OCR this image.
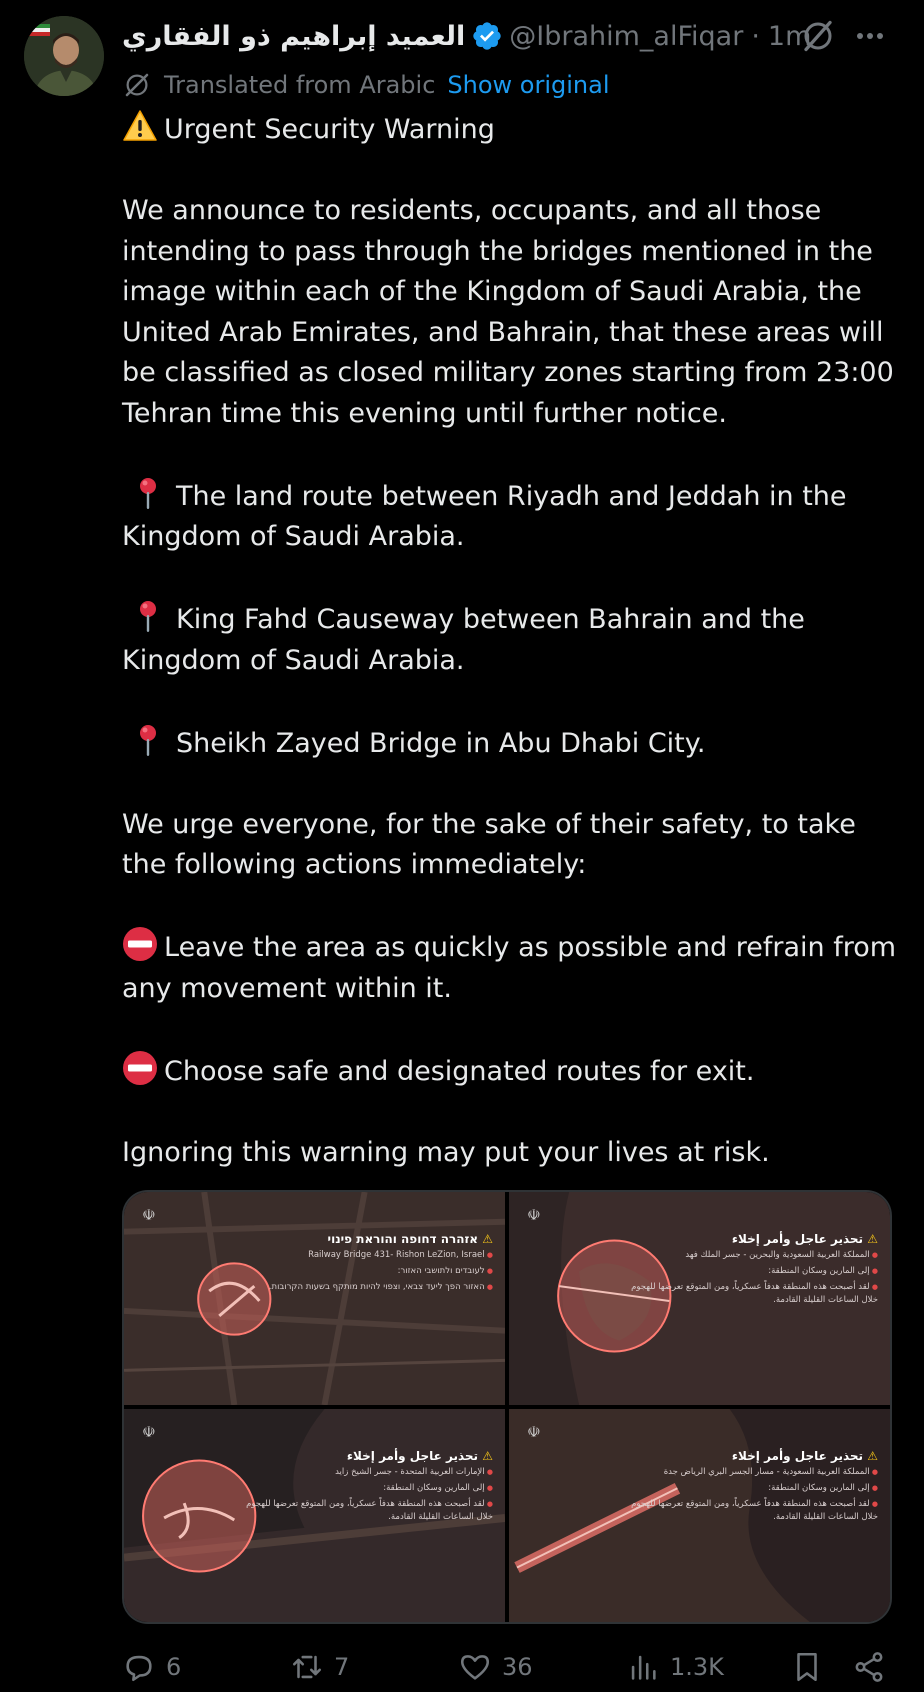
العميد إبراهيم ذو الفقاري @Ibrahim_alFiqar · 1m
Translated from Arabic Show original

Urgent Security Warning

We announce to residents, occupants, and all those intending to pass through the bridges mentioned in the image within each of the Kingdom of Saudi Arabia, the United Arab Emirates, and Bahrain, that these areas will be classified as closed military zones starting from 23:00 Tehran time this evening until further notice.

The land route between Riyadh and Jeddah in the Kingdom of Saudi Arabia.

King Fahd Causeway between Bahrain and the Kingdom of Saudi Arabia.

Sheikh Zayed Bridge in Abu Dhabi City.

We urge everyone, for the sake of their safety, to take the following actions immediately:

Leave the area as quickly as possible and refrain from any movement within it.

Choose safe and designated routes for exit.

Ignoring this warning may put your lives at risk.

☫
⚠ אזהרה דחופה והוראת פינוי
● Railway Bridge 431- Rishon LeZion, Israel
● לעובדים ולתושבי האזור:
● האזור הפך ליעד צבאי, וצפוי להיות מותקף בשעות הקרובות.
☫
⚠ تحذير عاجل وأمر إخلاء
● المملكة العربية السعودية والبحرين - جسر الملك فهد
● إلى المارين وسكان المنطقة:
● لقد أصبحت هذه المنطقة هدفاً عسكرياً، ومن المتوقع تعرضها للهجوم خلال الساعات القليلة القادمة.
☫
⚠ تحذير عاجل وأمر إخلاء
● الإمارات العربية المتحدة - جسر الشيخ زايد
● إلى المارين وسكان المنطقة:
● لقد أصبحت هذه المنطقة هدفاً عسكرياً، ومن المتوقع تعرضها للهجوم خلال الساعات القليلة القادمة.
☫
⚠ تحذير عاجل وأمر إخلاء
● المملكة العربية السعودية - مسار الجسر البري الرياض جدة
● إلى المارين وسكان المنطقة:
● لقد أصبحت هذه المنطقة هدفاً عسكرياً، ومن المتوقع تعرضها للهجوم خلال الساعات القليلة القادمة.
6	7	36	1.3K
